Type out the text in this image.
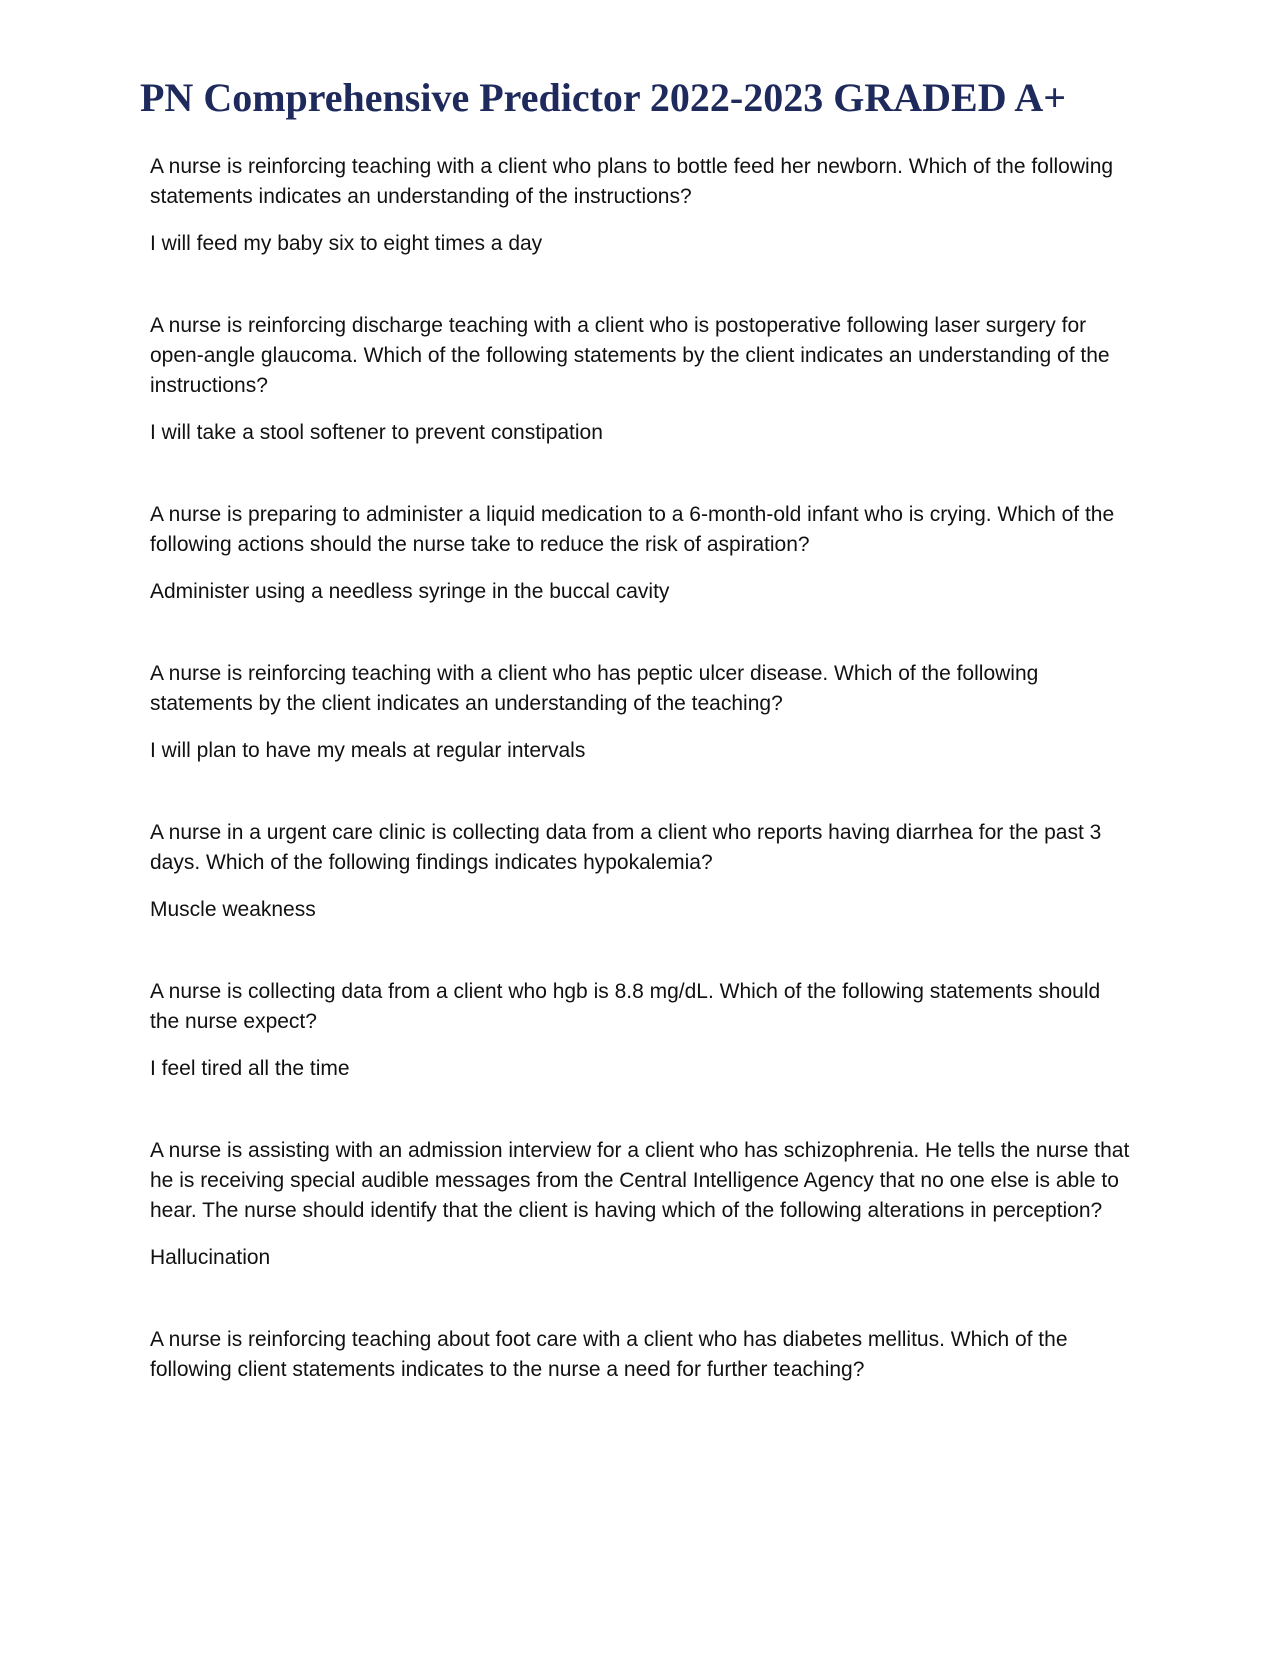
PN Comprehensive Predictor 2022-2023 GRADED A+

A nurse is reinforcing teaching with a client who plans to bottle feed her newborn. Which of the following statements indicates an understanding of the instructions?

I will feed my baby six to eight times a day

A nurse is reinforcing discharge teaching with a client who is postoperative following laser surgery for open-angle glaucoma. Which of the following statements by the client indicates an understanding of the instructions?

I will take a stool softener to prevent constipation

A nurse is preparing to administer a liquid medication to a 6-month-old infant who is crying. Which of the following actions should the nurse take to reduce the risk of aspiration?

Administer using a needless syringe in the buccal cavity

A nurse is reinforcing teaching with a client who has peptic ulcer disease. Which of the following statements by the client indicates an understanding of the teaching?

I will plan to have my meals at regular intervals

A nurse in a urgent care clinic is collecting data from a client who reports having diarrhea for the past 3 days. Which of the following findings indicates hypokalemia?

Muscle weakness

A nurse is collecting data from a client who hgb is 8.8 mg/dL. Which of the following statements should the nurse expect?

I feel tired all the time

A nurse is assisting with an admission interview for a client who has schizophrenia. He tells the nurse that he is receiving special audible messages from the Central Intelligence Agency that no one else is able to hear. The nurse should identify that the client is having which of the following alterations in perception?

Hallucination

A nurse is reinforcing teaching about foot care with a client who has diabetes mellitus. Which of the following client statements indicates to the nurse a need for further teaching?
